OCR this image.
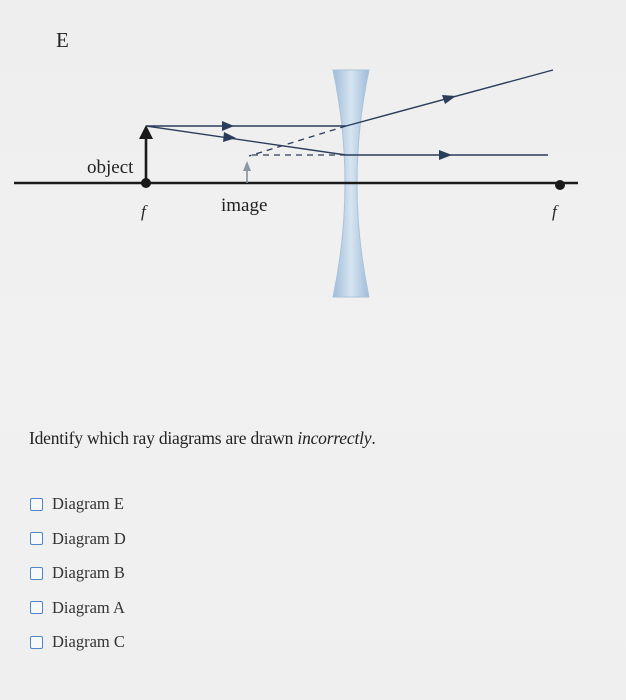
E
object
image
f	f
Identify which ray diagrams are drawn incorrectly.
Diagram E
Diagram D
Diagram B
Diagram A
Diagram C
